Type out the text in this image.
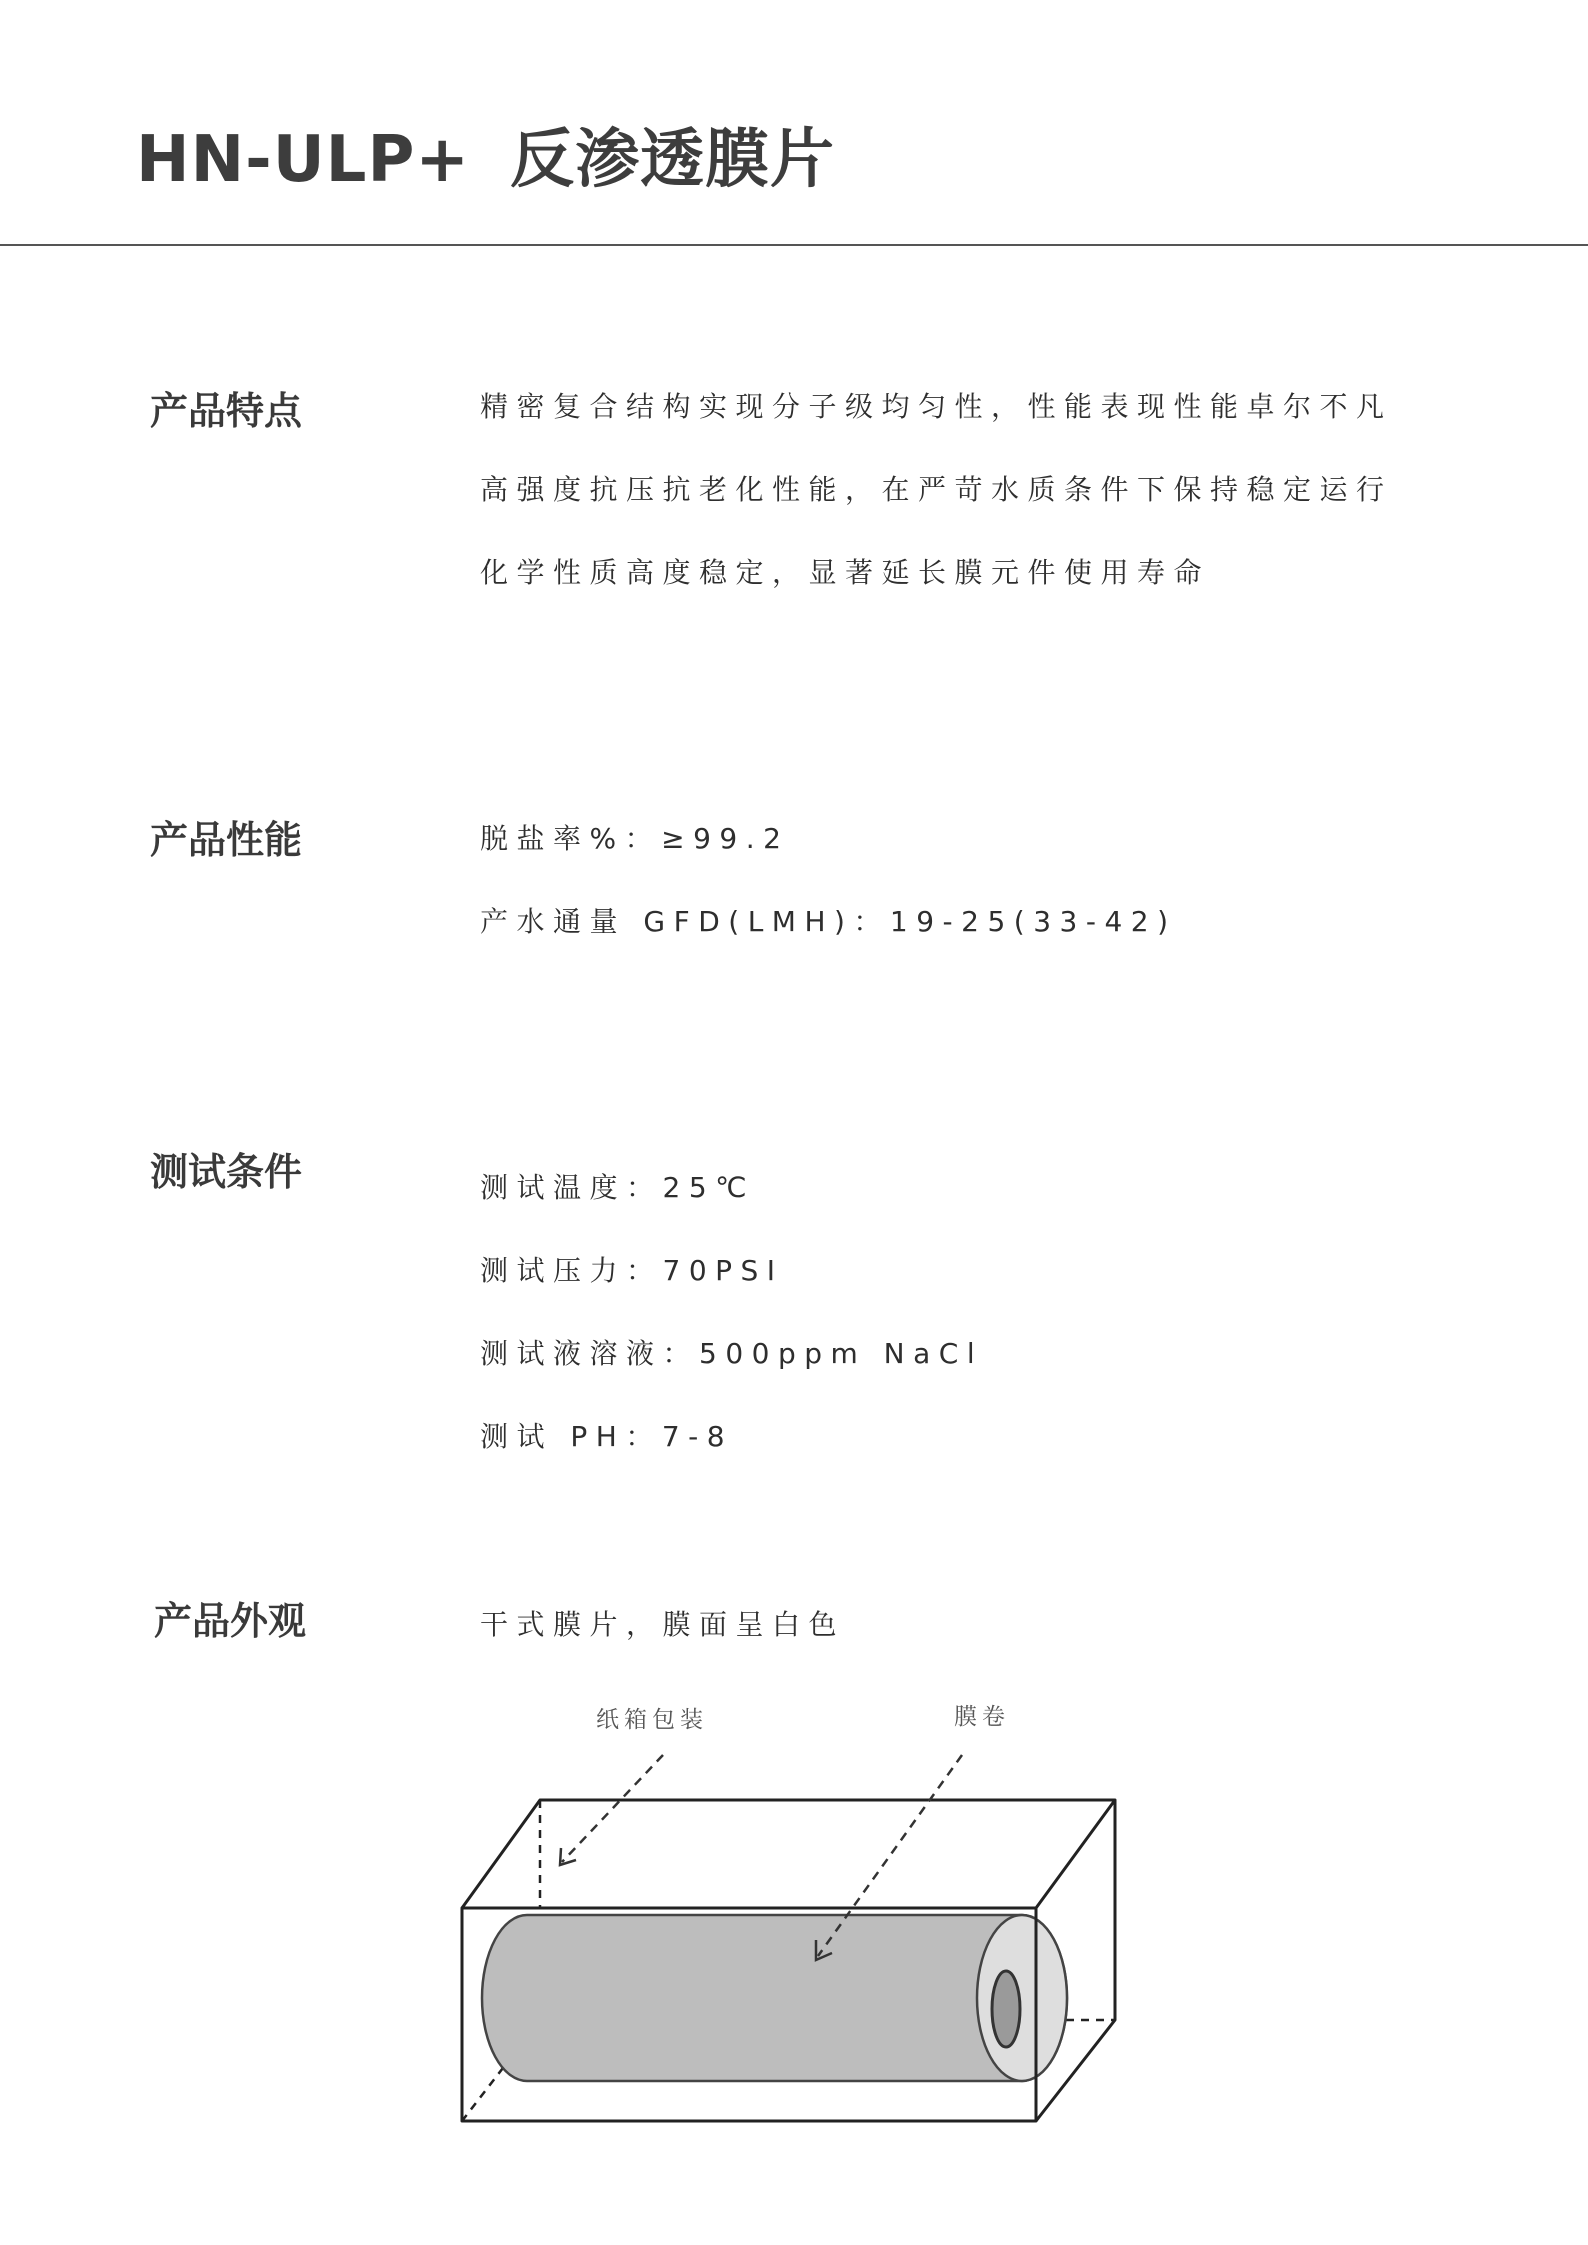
HN-ULP+ 反渗透膜片
产品特点	精密复合结构实现分子级均匀性，性能表现性能卓尔不凡
高强度抗压抗老化性能，在严苛水质条件下保持稳定运行
化学性质高度稳定，显著延长膜元件使用寿命
产品性能	脱盐率%：≥99.2
产水通量 GFD(LMH)：19-25(33-42)
测试条件	测试温度：25℃
测试压力：70PSI
测试液溶液：500ppm NaCl
测试 PH：7-8
产品外观	干式膜片，膜面呈白色
纸箱包装	膜卷
